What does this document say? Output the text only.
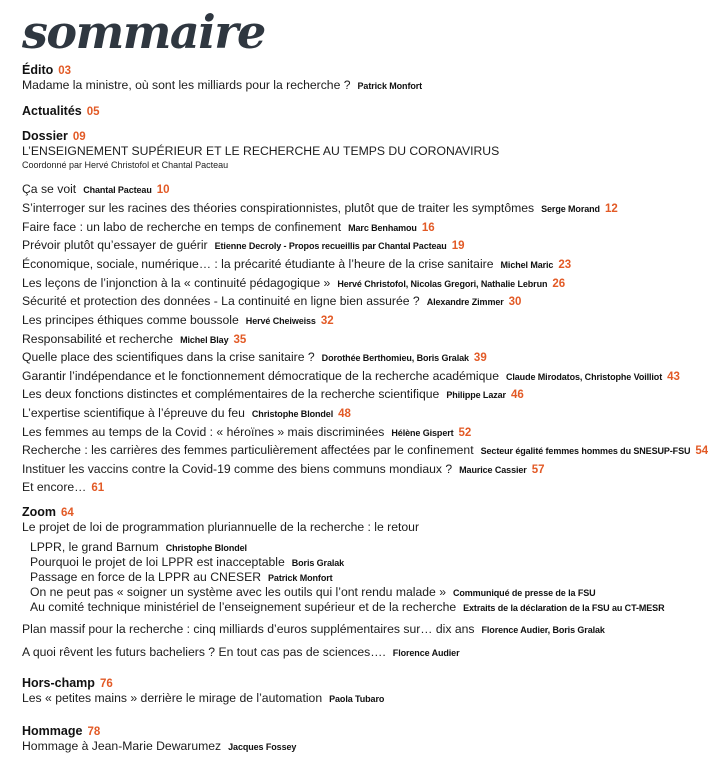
sommaire
Édito 03
Madame la ministre, où sont les milliards pour la recherche ? Patrick Monfort
Actualités 05
Dossier 09
L’ENSEIGNEMENT SUPÉRIEUR ET LE RECHERCHE AU TEMPS DU CORONAVIRUS
Coordonné par Hervé Christofol et Chantal Pacteau
Ça se voit Chantal Pacteau 10
S’interroger sur les racines des théories conspirationnistes, plutôt que de traiter les symptômes Serge Morand 12
Faire face : un labo de recherche en temps de confinement Marc Benhamou 16
Prévoir plutôt qu’essayer de guérir Etienne Decroly - Propos recueillis par Chantal Pacteau 19
Économique, sociale, numérique… : la précarité étudiante à l’heure de la crise sanitaire Michel Maric 23
Les leçons de l’injonction à la « continuité pédagogique » Hervé Christofol, Nicolas Gregori, Nathalie Lebrun 26
Sécurité et protection des données - La continuité en ligne bien assurée ? Alexandre Zimmer 30
Les principes éthiques comme boussole Hervé Cheiweiss 32
Responsabilité et recherche Michel Blay 35
Quelle place des scientifiques dans la crise sanitaire ? Dorothée Berthomieu, Boris Gralak 39
Garantir l’indépendance et le fonctionnement démocratique de la recherche académique Claude Mirodatos, Christophe Voilliot 43
Les deux fonctions distinctes et complémentaires de la recherche scientifique Philippe Lazar 46
L’expertise scientifique à l’épreuve du feu Christophe Blondel 48
Les femmes au temps de la Covid : « héroïnes » mais discriminées Hélène Gispert 52
Recherche : les carrières des femmes particulièrement affectées par le confinement Secteur égalité femmes hommes du SNESUP-FSU 54
Instituer les vaccins contre la Covid-19 comme des biens communs mondiaux ? Maurice Cassier 57
Et encore… 61
Zoom 64
Le projet de loi de programmation pluriannuelle de la recherche : le retour
LPPR, le grand Barnum Christophe Blondel
Pourquoi le projet de loi LPPR est inacceptable Boris Gralak
Passage en force de la LPPR au CNESER Patrick Monfort
On ne peut pas « soigner un système avec les outils qui l’ont rendu malade » Communiqué de presse de la FSU
Au comité technique ministériel de l’enseignement supérieur et de la recherche Extraits de la déclaration de la FSU au CT-MESR
Plan massif pour la recherche : cinq milliards d’euros supplémentaires sur… dix ans Florence Audier, Boris Gralak
A quoi rêvent les futurs bacheliers ? En tout cas pas de sciences…. Florence Audier
Hors-champ 76
Les « petites mains » derrière le mirage de l’automation Paola Tubaro
Hommage 78
Hommage à Jean-Marie Dewarumez Jacques Fossey
